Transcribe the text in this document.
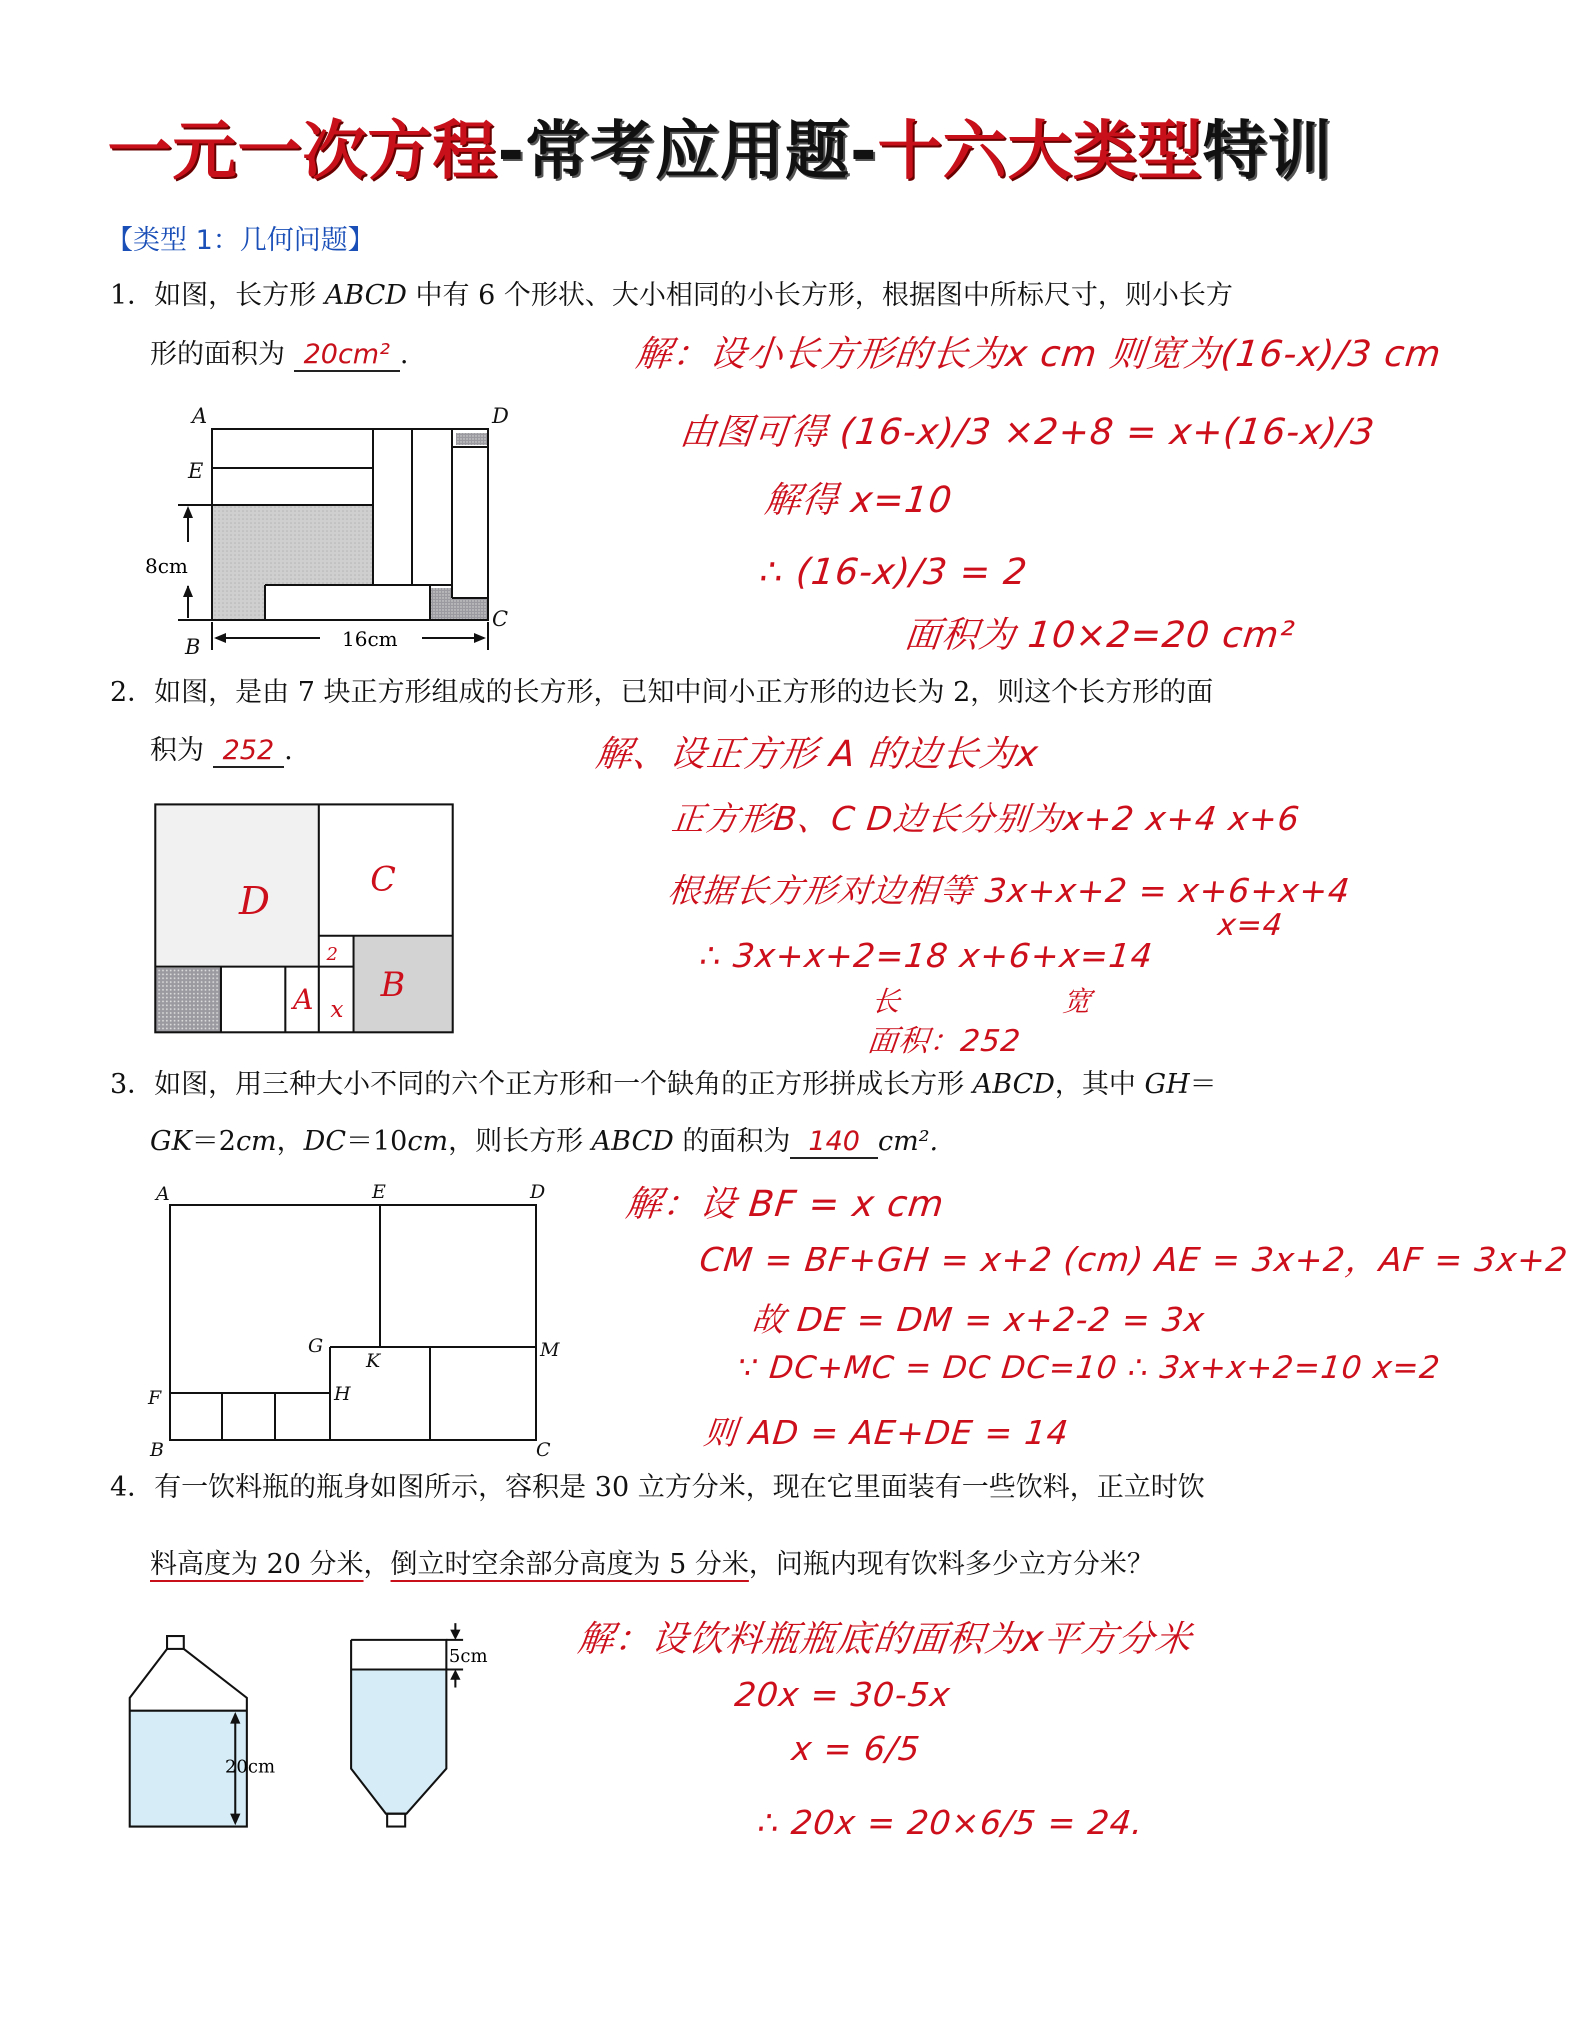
一元一次方程-常考应用题-十六大类型特训
【类型 1：几何问题】
1．如图，长方形 ABCD 中有 6 个形状、大小相同的小长方形，根据图中所标尺寸，则小长方
形的面积为 20cm² .
A	D
E
B
C
8cm
16cm
解：设小长方形的长为x cm 则宽为(16-x)/3 cm
由图可得 (16-x)/3 ×2+8 = x+(16-x)/3
解得 x=10
∴ (16-x)/3 = 2
面积为 10×2=20 cm²
2．如图，是由 7 块正方形组成的长方形，已知中间小正方形的边长为 2，则这个长方形的面
积为 252 .
D	C
2
B
A x
解、设正方形 A 的边长为x
正方形B、C D边长分别为x+2 x+4 x+6
根据长方形对边相等 3x+x+2 = x+6+x+4
x=4
∴ 3x+x+2=18 x+6+x=14
长	宽
面积：252
3．如图，用三种大小不同的六个正方形和一个缺角的正方形拼成长方形 ABCD，其中 GH＝
GK＝2cm，DC＝10cm，则长方形 ABCD 的面积为 140 cm².
A	E	D
G
K	M
F	H
B	C
解：设 BF = x cm
CM = BF+GH = x+2 (cm) AE = 3x+2，AF = 3x+2
故 DE = DM = x+2-2 = 3x
∵ DC+MC = DC DC=10 ∴ 3x+x+2=10 x=2
则 AD = AE+DE = 14
4．有一饮料瓶的瓶身如图所示，容积是 30 立方分米，现在它里面装有一些饮料，正立时饮
料高度为 20 分米，倒立时空余部分高度为 5 分米，问瓶内现有饮料多少立方分米？
20cm
5cm 解：设饮料瓶瓶底的面积为x平方分米
20x = 30-5x
x = 6/5
∴ 20x = 20×6/5 = 24.
